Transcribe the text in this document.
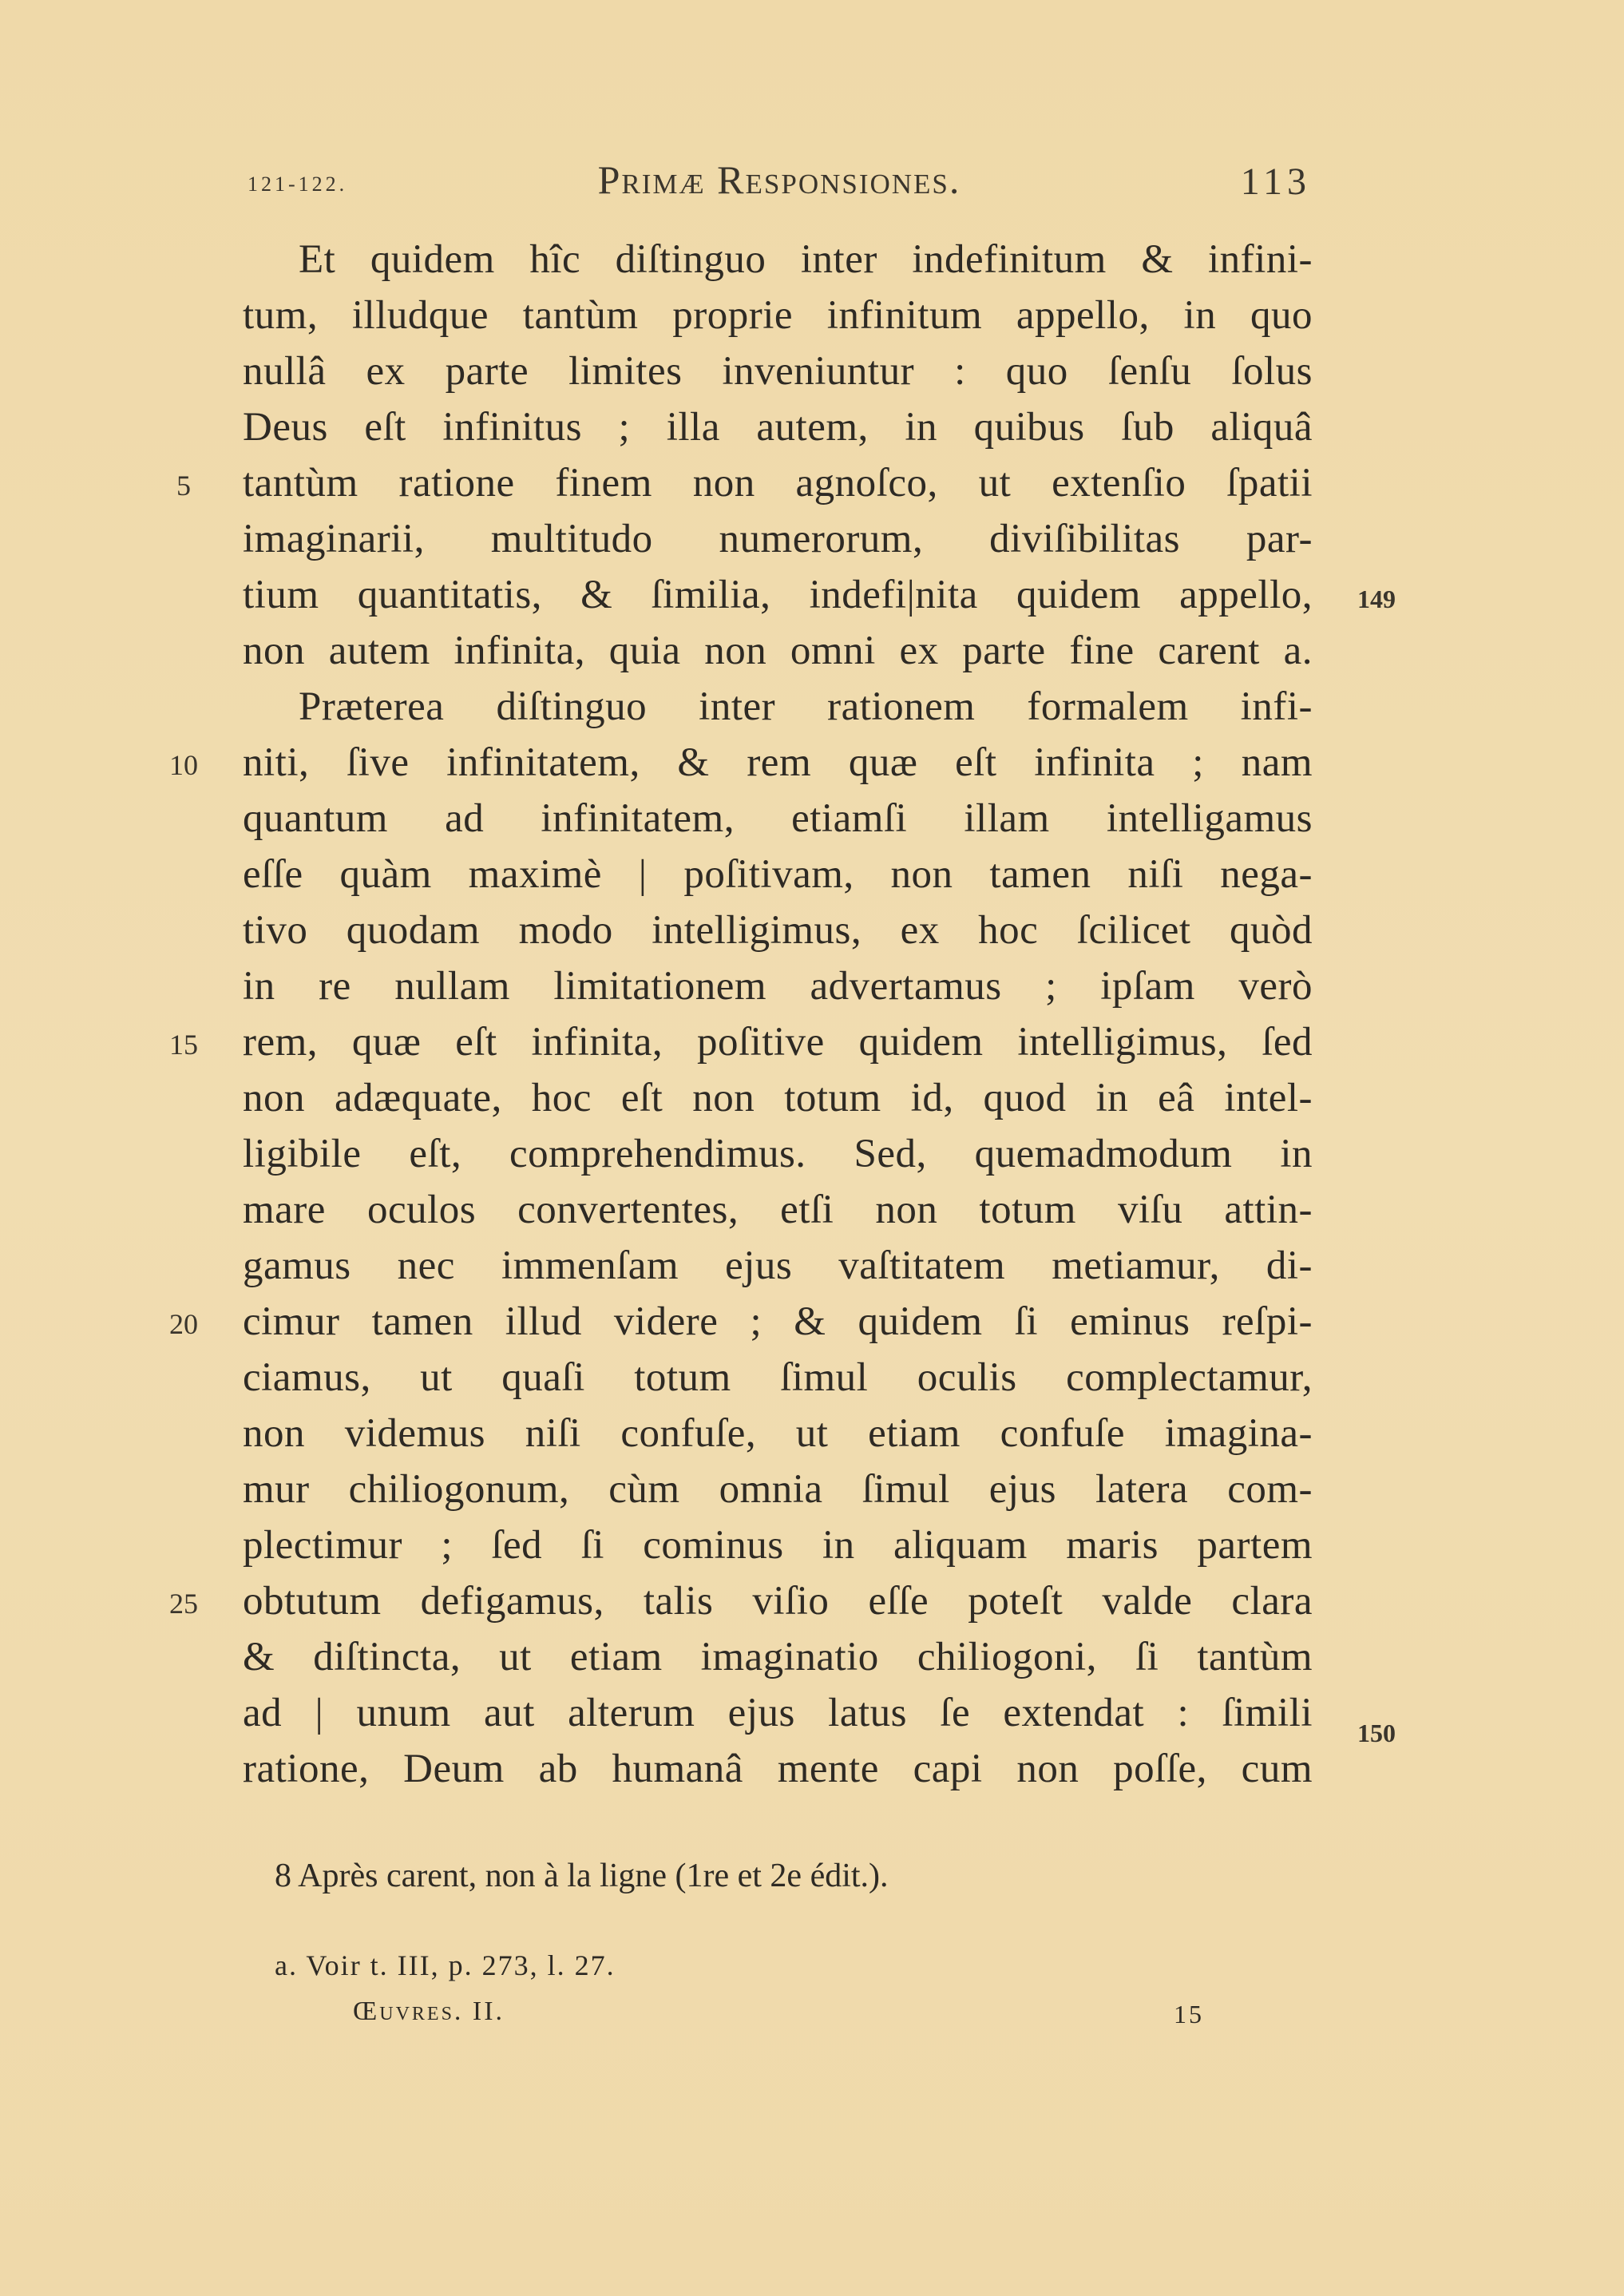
121-122.	Primæ Responsiones.	113
Et quidem hîc diſtinguo inter indefinitum & infini-
tum, illudque tantùm proprie infinitum appello, in quo
nullâ ex parte limites inveniuntur : quo ſenſu ſolus
Deus eſt infinitus ; illa autem, in quibus ſub aliquâ
tantùm ratione finem non agnoſco, ut extenſio ſpatii
imaginarii, multitudo numerorum, diviſibilitas par-
tium quantitatis, & ſimilia, indefi|nita quidem appello,
non autem infinita, quia non omni ex parte fine carent a.
Præterea diſtinguo inter rationem formalem infi-
niti, ſive infinitatem, & rem quæ eſt infinita ; nam
quantum ad infinitatem, etiamſi illam intelligamus
eſſe quàm maximè | poſitivam, non tamen niſi nega-
tivo quodam modo intelligimus, ex hoc ſcilicet quòd
in re nullam limitationem advertamus ; ipſam verò
rem, quæ eſt infinita, poſitive quidem intelligimus, ſed
non adæquate, hoc eſt non totum id, quod in eâ intel-
ligibile eſt, comprehendimus. Sed, quemadmodum in
mare oculos convertentes, etſi non totum viſu attin-
gamus nec immenſam ejus vaſtitatem metiamur, di-
cimur tamen illud videre ; & quidem ſi eminus reſpi-
ciamus, ut quaſi totum ſimul oculis complectamur,
non videmus niſi confuſe, ut etiam confuſe imagina-
mur chiliogonum, cùm omnia ſimul ejus latera com-
plectimur ; ſed ſi cominus in aliquam maris partem
obtutum defigamus, talis viſio eſſe poteſt valde clara
& diſtincta, ut etiam imaginatio chiliogoni, ſi tantùm
ad | unum aut alterum ejus latus ſe extendat : ſimili
ratione, Deum ab humanâ mente capi non poſſe, cum
5
10
15
20
25
149
150
8 Après carent, non à la ligne (1re et 2e édit.).
a. Voir t. III, p. 273, l. 27.
Œuvres. II.	15
